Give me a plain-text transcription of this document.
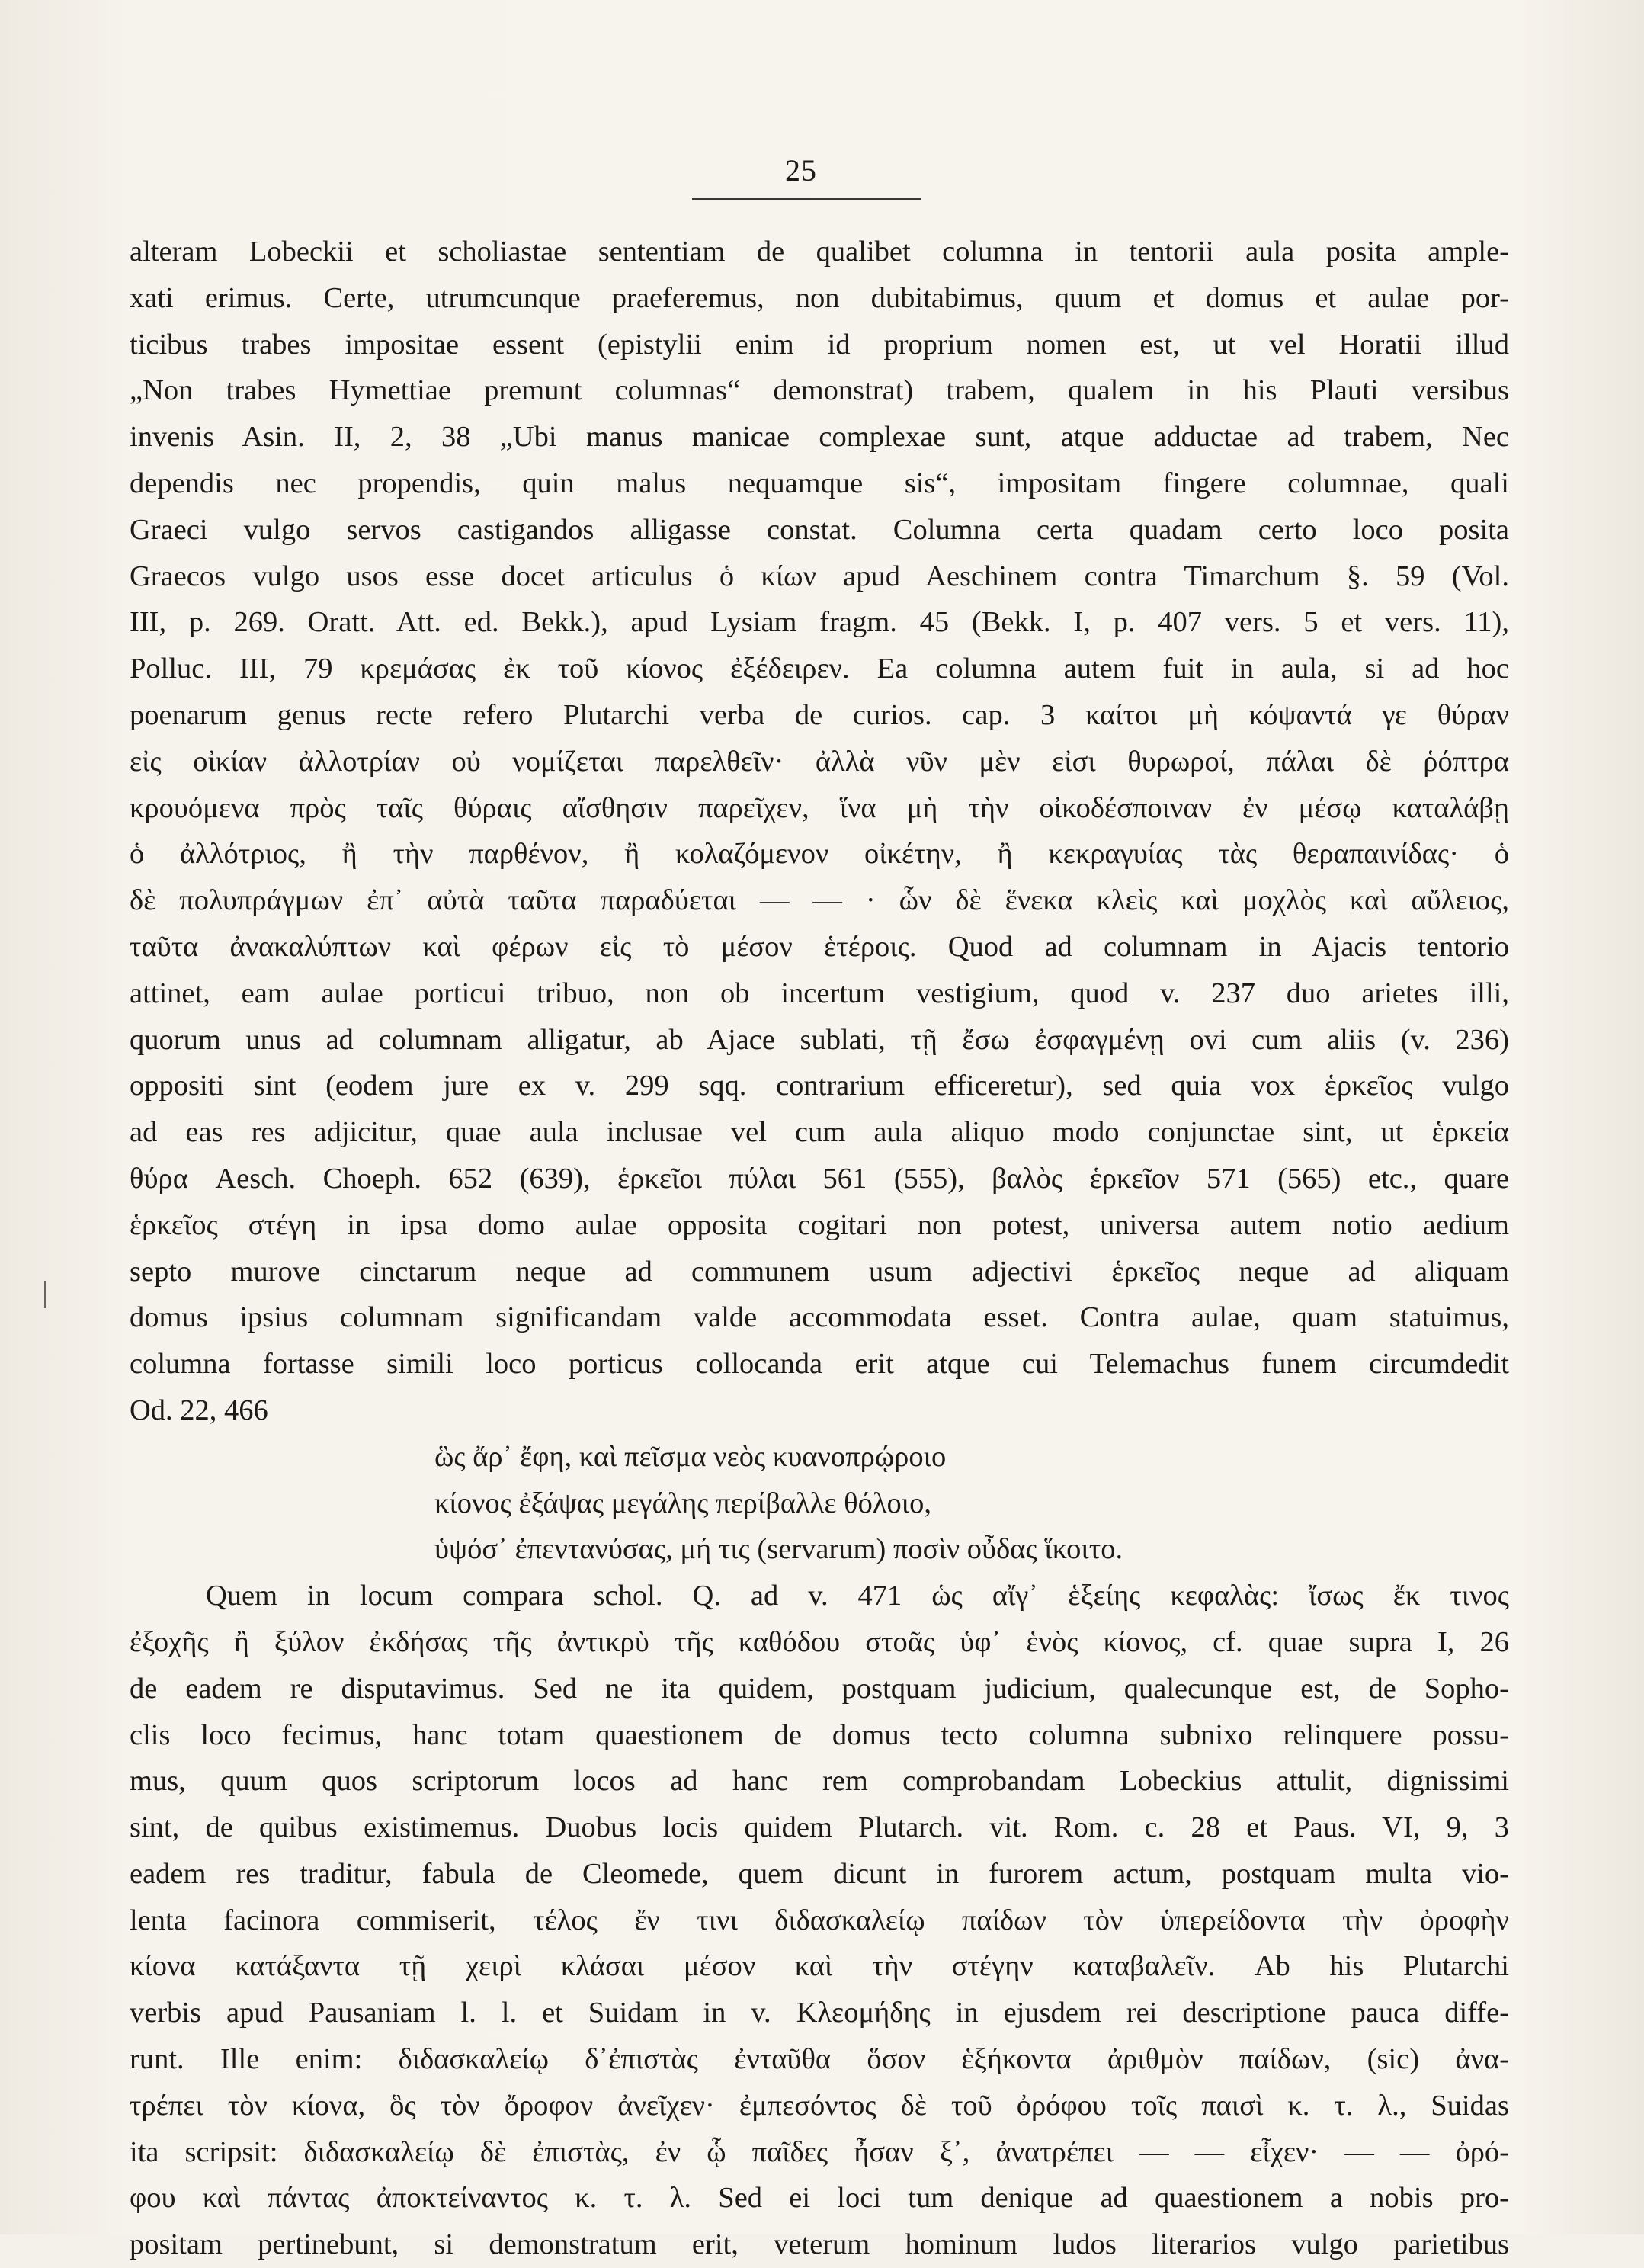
25
alteram Lobeckii et scholiastae sententiam de qualibet columna in tentorii aula posita ample-
xati erimus. Certe, utrumcunque praeferemus, non dubitabimus, quum et domus et aulae por-
ticibus trabes impositae essent (epistylii enim id proprium nomen est, ut vel Horatii illud
„Non trabes Hymettiae premunt columnas“ demonstrat) trabem, qualem in his Plauti versibus
invenis Asin. II, 2, 38 „Ubi manus manicae complexae sunt, atque adductae ad trabem, Nec
dependis nec propendis, quin malus nequamque sis“, impositam fingere columnae, quali
Graeci vulgo servos castigandos alligasse constat. Columna certa quadam certo loco posita
Graecos vulgo usos esse docet articulus ὁ κίων apud Aeschinem contra Timarchum §. 59 (Vol.
III, p. 269. Oratt. Att. ed. Bekk.), apud Lysiam fragm. 45 (Bekk. I, p. 407 vers. 5 et vers. 11),
Polluc. III, 79 κρεμάσας ἐκ τοῦ κίονος ἐξέδειρεν. Ea columna autem fuit in aula, si ad hoc
poenarum genus recte refero Plutarchi verba de curios. cap. 3 καίτοι μὴ κόψαντά γε θύραν
εἰς οἰκίαν ἀλλοτρίαν οὐ νομίζεται παρελθεῖν· ἀλλὰ νῦν μὲν εἰσι θυρωροί, πάλαι δὲ ῥόπτρα
κρουόμενα πρὸς ταῖς θύραις αἴσθησιν παρεῖχεν, ἵνα μὴ τὴν οἰκοδέσποιναν ἐν μέσῳ καταλάβῃ
ὁ ἀλλότριος, ἢ τὴν παρθένον, ἢ κολαζόμενον οἰκέτην, ἢ κεκραγυίας τὰς θεραπαινίδας· ὁ
δὲ πολυπράγμων ἐπ᾽ αὐτὰ ταῦτα παραδύεται — — · ὧν δὲ ἕνεκα κλεὶς καὶ μοχλὸς καὶ αὔλειος,
ταῦτα ἀνακαλύπτων καὶ φέρων εἰς τὸ μέσον ἑτέροις. Quod ad columnam in Ajacis tentorio
attinet, eam aulae porticui tribuo, non ob incertum vestigium, quod v. 237 duo arietes illi,
quorum unus ad columnam alligatur, ab Ajace sublati, τῇ ἔσω ἐσφαγμένῃ ovi cum aliis (v. 236)
oppositi sint (eodem jure ex v. 299 sqq. contrarium efficeretur), sed quia vox ἑρκεῖος vulgo
ad eas res adjicitur, quae aula inclusae vel cum aula aliquo modo conjunctae sint, ut ἑρκεία
θύρα Aesch. Choeph. 652 (639), ἑρκεῖοι πύλαι 561 (555), βαλὸς ἑρκεῖον 571 (565) etc., quare
ἑρκεῖος στέγη in ipsa domo aulae opposita cogitari non potest, universa autem notio aedium
septo murove cinctarum neque ad communem usum adjectivi ἑρκεῖος neque ad aliquam
domus ipsius columnam significandam valde accommodata esset. Contra aulae, quam statuimus,
columna fortasse simili loco porticus collocanda erit atque cui Telemachus funem circumdedit
Od. 22, 466
ὣς ἄρ᾽ ἔφη, καὶ πεῖσμα νεὸς κυανοπρῴροιο
κίονος ἐξάψας μεγάλης περίβαλλε θόλοιο,
ὑψόσ᾽ ἐπεντανύσας, μή τις (servarum) ποσὶν οὖδας ἵκοιτο.
Quem in locum compara schol. Q. ad v. 471 ὡς αἴγ᾽ ἑξείης κεφαλὰς: ἴσως ἔκ τινος
ἐξοχῆς ἢ ξύλον ἐκδήσας τῆς ἀντικρὺ τῆς καθόδου στοᾶς ὑφ᾽ ἑνὸς κίονος, cf. quae supra I, 26
de eadem re disputavimus. Sed ne ita quidem, postquam judicium, qualecunque est, de Sopho-
clis loco fecimus, hanc totam quaestionem de domus tecto columna subnixo relinquere possu-
mus, quum quos scriptorum locos ad hanc rem comprobandam Lobeckius attulit, dignissimi
sint, de quibus existimemus. Duobus locis quidem Plutarch. vit. Rom. c. 28 et Paus. VI, 9, 3
eadem res traditur, fabula de Cleomede, quem dicunt in furorem actum, postquam multa vio-
lenta facinora commiserit, τέλος ἔν τινι διδασκαλείῳ παίδων τὸν ὑπερείδοντα τὴν ὀροφὴν
κίονα κατάξαντα τῇ χειρὶ κλάσαι μέσον καὶ τὴν στέγην καταβαλεῖν. Ab his Plutarchi
verbis apud Pausaniam l. l. et Suidam in v. Κλεομήδης in ejusdem rei descriptione pauca diffe-
runt. Ille enim: διδασκαλείῳ δ᾽ἐπιστὰς ἐνταῦθα ὅσον ἑξήκοντα ἀριθμὸν παίδων, (sic) ἀνα-
τρέπει τὸν κίονα, ὃς τὸν ὄροφον ἀνεῖχεν· ἐμπεσόντος δὲ τοῦ ὀρόφου τοῖς παισὶ κ. τ. λ., Suidas
ita scripsit: διδασκαλείῳ δὲ ἐπιστὰς, ἐν ᾧ παῖδες ἦσαν ξ᾽, ἀνατρέπει — — εἶχεν· — — ὀρό-
φου καὶ πάντας ἀποκτείναντος κ. τ. λ. Sed ei loci tum denique ad quaestionem a nobis pro-
positam pertinebunt, si demonstratum erit, veterum hominum ludos literarios vulgo parietibus
